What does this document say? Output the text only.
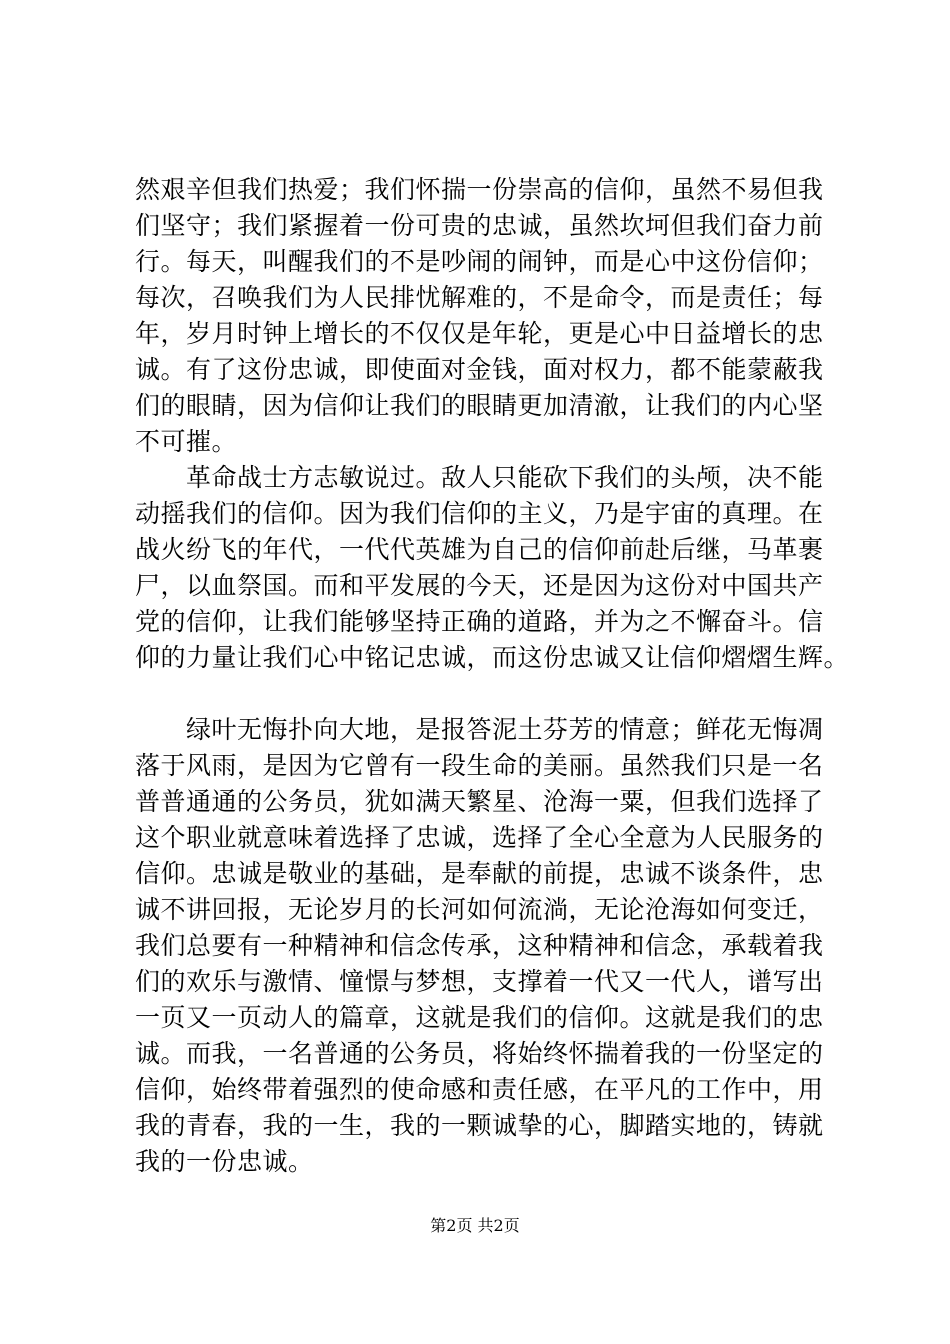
然艰辛但我们热爱；我们怀揣一份崇高的信仰，虽然不易但我
们坚守；我们紧握着一份可贵的忠诚，虽然坎坷但我们奋力前
行。每天，叫醒我们的不是吵闹的闹钟，而是心中这份信仰；
每次，召唤我们为人民排忧解难的，不是命令，而是责任；每
年，岁月时钟上增长的不仅仅是年轮，更是心中日益增长的忠
诚。有了这份忠诚，即使面对金钱，面对权力，都不能蒙蔽我
们的眼睛，因为信仰让我们的眼睛更加清澈，让我们的内心坚
不可摧。
　　革命战士方志敏说过。敌人只能砍下我们的头颅，决不能
动摇我们的信仰。因为我们信仰的主义，乃是宇宙的真理。在
战火纷飞的年代，一代代英雄为自己的信仰前赴后继，马革裹
尸，以血祭国。而和平发展的今天，还是因为这份对中国共产
党的信仰，让我们能够坚持正确的道路，并为之不懈奋斗。信
仰的力量让我们心中铭记忠诚，而这份忠诚又让信仰熠熠生辉。
　　绿叶无悔扑向大地，是报答泥土芬芳的情意；鲜花无悔凋
落于风雨，是因为它曾有一段生命的美丽。虽然我们只是一名
普普通通的公务员，犹如满天繁星、沧海一粟，但我们选择了
这个职业就意味着选择了忠诚，选择了全心全意为人民服务的
信仰。忠诚是敬业的基础，是奉献的前提，忠诚不谈条件，忠
诚不讲回报，无论岁月的长河如何流淌，无论沧海如何变迁，
我们总要有一种精神和信念传承，这种精神和信念，承载着我
们的欢乐与激情、憧憬与梦想，支撑着一代又一代人，谱写出
一页又一页动人的篇章，这就是我们的信仰。这就是我们的忠
诚。而我，一名普通的公务员，将始终怀揣着我的一份坚定的
信仰，始终带着强烈的使命感和责任感，在平凡的工作中，用
我的青春，我的一生，我的一颗诚挚的心，脚踏实地的，铸就
我的一份忠诚。
第2页 共2页
